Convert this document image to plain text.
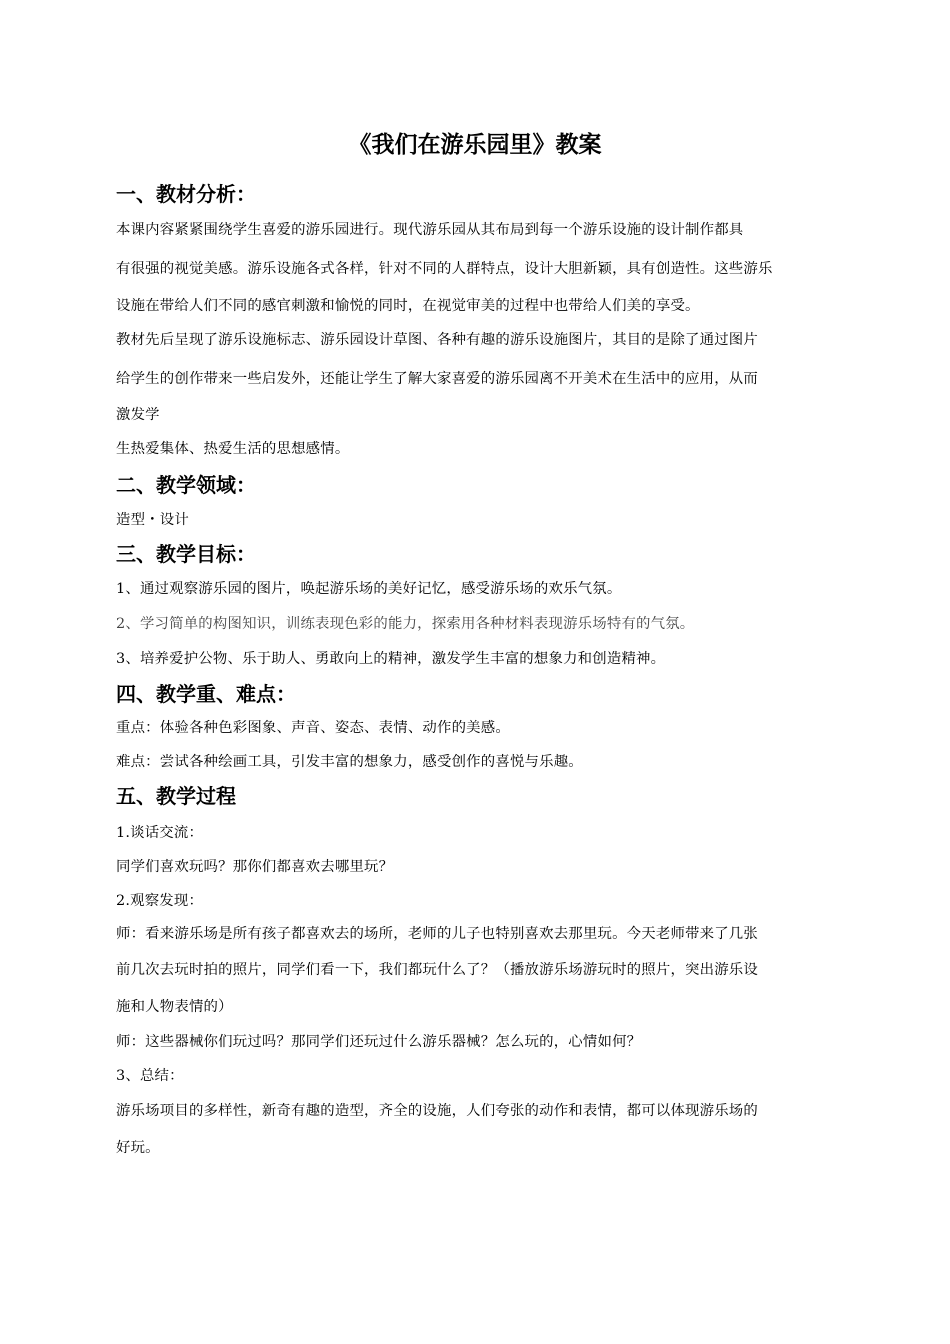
《我们在游乐园里》教案
一、教材分析：
本课内容紧紧围绕学生喜爱的游乐园进行。现代游乐园从其布局到每一个游乐设施的设计制作都具
有很强的视觉美感。游乐设施各式各样，针对不同的人群特点，设计大胆新颖，具有创造性。这些游乐
设施在带给人们不同的感官刺激和愉悦的同时，在视觉审美的过程中也带给人们美的享受。
教材先后呈现了游乐设施标志、游乐园设计草图、各种有趣的游乐设施图片，其目的是除了通过图片
给学生的创作带来一些启发外，还能让学生了解大家喜爱的游乐园离不开美术在生活中的应用，从而
激发学
生热爱集体、热爱生活的思想感情。
二、教学领域：
造型・设计
三、教学目标：
1、通过观察游乐园的图片，唤起游乐场的美好记忆，感受游乐场的欢乐气氛。
2、学习简单的构图知识，训练表现色彩的能力，探索用各种材料表现游乐场特有的气氛。
3、培养爱护公物、乐于助人、勇敢向上的精神，激发学生丰富的想象力和创造精神。
四、教学重、难点：
重点：体验各种色彩图象、声音、姿态、表情、动作的美感。
难点：尝试各种绘画工具，引发丰富的想象力，感受创作的喜悦与乐趣。
五、教学过程
1.谈话交流：
同学们喜欢玩吗？那你们都喜欢去哪里玩？
2.观察发现：
师：看来游乐场是所有孩子都喜欢去的场所，老师的儿子也特别喜欢去那里玩。今天老师带来了几张
前几次去玩时拍的照片，同学们看一下，我们都玩什么了？（播放游乐场游玩时的照片，突出游乐设
施和人物表情的）
师：这些器械你们玩过吗？那同学们还玩过什么游乐器械？怎么玩的，心情如何？
3、总结：
游乐场项目的多样性，新奇有趣的造型，齐全的设施，人们夸张的动作和表情，都可以体现游乐场的
好玩。
